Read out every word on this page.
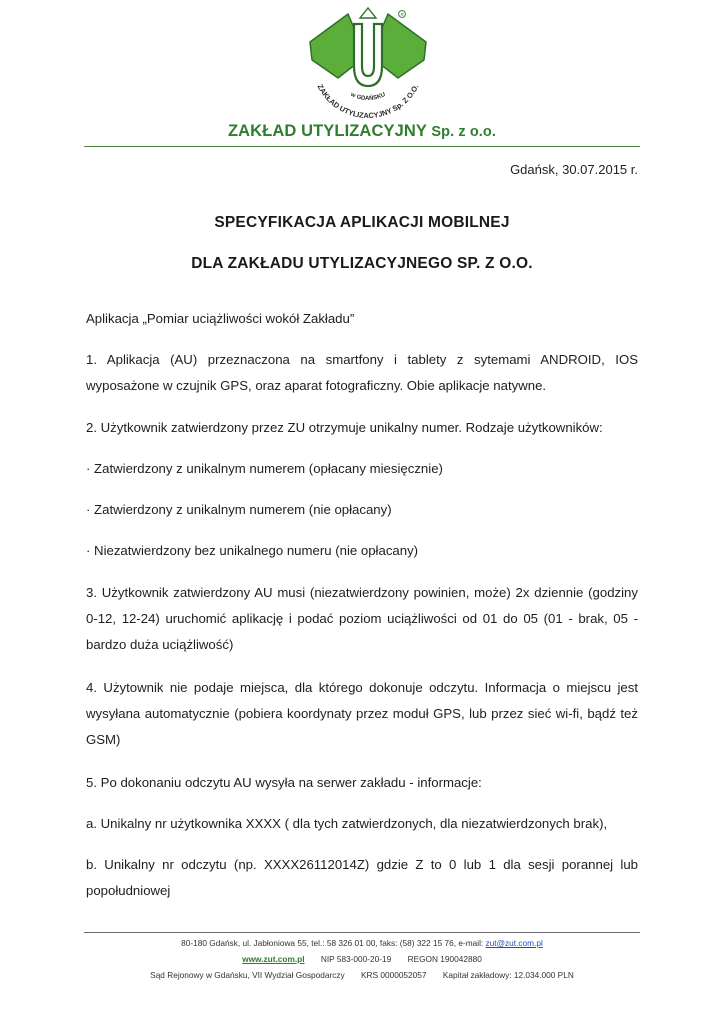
R
ZAKŁAD UTYLIZACYJNY Sp. Z O.O.
w GDAŃSKU
ZAKŁAD UTYLIZACYJNY Sp. z o.o.
Gdańsk, 30.07.2015 r.
SPECYFIKACJA APLIKACJI MOBILNEJ
DLA ZAKŁADU UTYLIZACYJNEGO SP. Z O.O.
Aplikacja „Pomiar uciążliwości wokół Zakładu”
1. Aplikacja (AU) przeznaczona na smartfony i tablety z sytemami ANDROID, IOS wyposażone w czujnik GPS, oraz aparat fotograficzny. Obie aplikacje natywne.
2. Użytkownik zatwierdzony przez ZU otrzymuje unikalny numer. Rodzaje użytkowników:
· Zatwierdzony z unikalnym numerem (opłacany miesięcznie)
· Zatwierdzony z unikalnym numerem (nie opłacany)
· Niezatwierdzony bez unikalnego numeru (nie opłacany)
3. Użytkownik zatwierdzony AU musi (niezatwierdzony powinien, może) 2x dziennie (godziny 0-12, 12-24) uruchomić aplikację i podać poziom uciążliwości od 01 do 05 (01 - brak, 05 - bardzo duża uciążliwość)
4. Użytownik nie podaje miejsca, dla którego dokonuje odczytu. Informacja o miejscu jest wysyłana automatycznie (pobiera koordynaty przez moduł GPS, lub przez sieć wi-fi, bądź też GSM)
5. Po dokonaniu odczytu AU wysyła na serwer zakładu - informacje:
a. Unikalny nr użytkownika XXXX ( dla tych zatwierdzonych, dla niezatwierdzonych brak),
b. Unikalny nr odczytu (np. XXXX26112014Z) gdzie Z to 0 lub 1 dla sesji porannej lub popołudniowej
80-180 Gdańsk, ul. Jabłoniowa 55, tel.: 58 326 01 00, faks: (58) 322 15 76, e-mail: zut@zut.com.pl
www.zut.com.pl NIP 583-000-20-19 REGON 190042880
Sąd Rejonowy w Gdańsku, VII Wydział Gospodarczy KRS 0000052057 Kapitał zakładowy: 12.034.000 PLN
